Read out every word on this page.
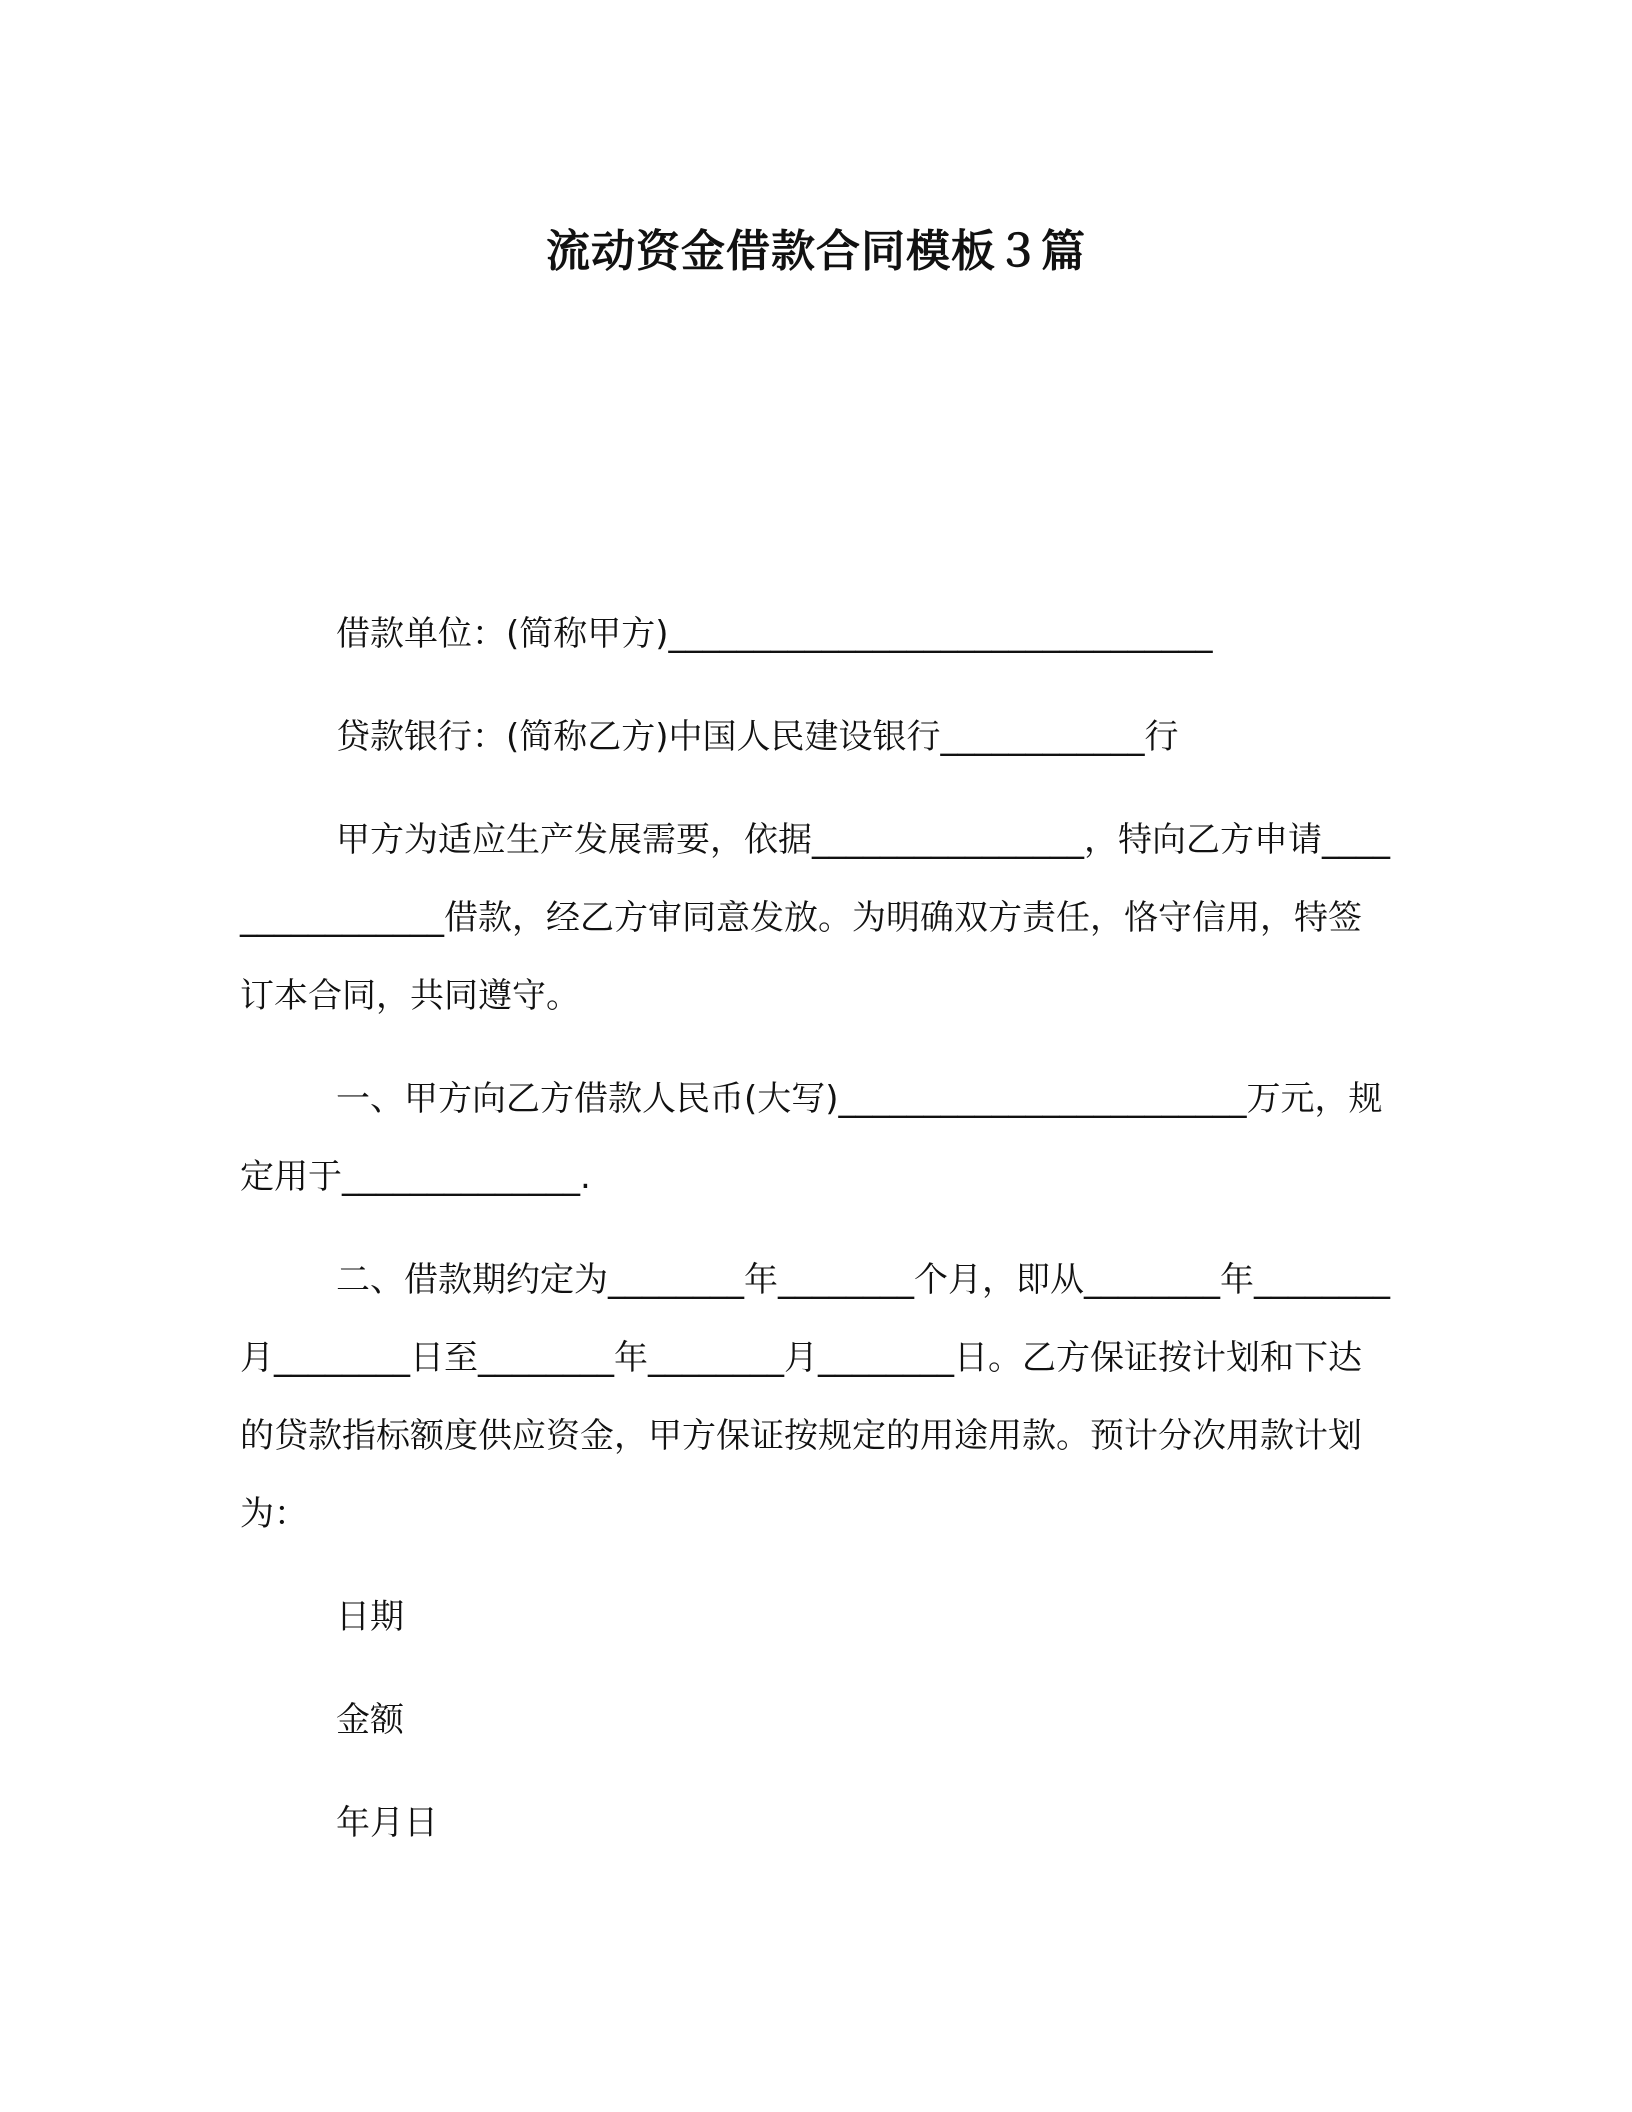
流动资金借款合同模板３篇

借款单位：(简称甲方)________________________________

贷款银行：(简称乙方)中国人民建设银行____________行

甲方为适应生产发展需要，依据________________，特向乙方申请________________借款，经乙方审同意发放。为明确双方责任，恪守信用，特签订本合同，共同遵守。

一、甲方向乙方借款人民币(大写)________________________万元，规定用于______________.

二、借款期约定为________年________个月，即从________年________月________日至________年________月________日。乙方保证按计划和下达的贷款指标额度供应资金，甲方保证按规定的用途用款。预计分次用款计划为：

日期
金额
年月日
